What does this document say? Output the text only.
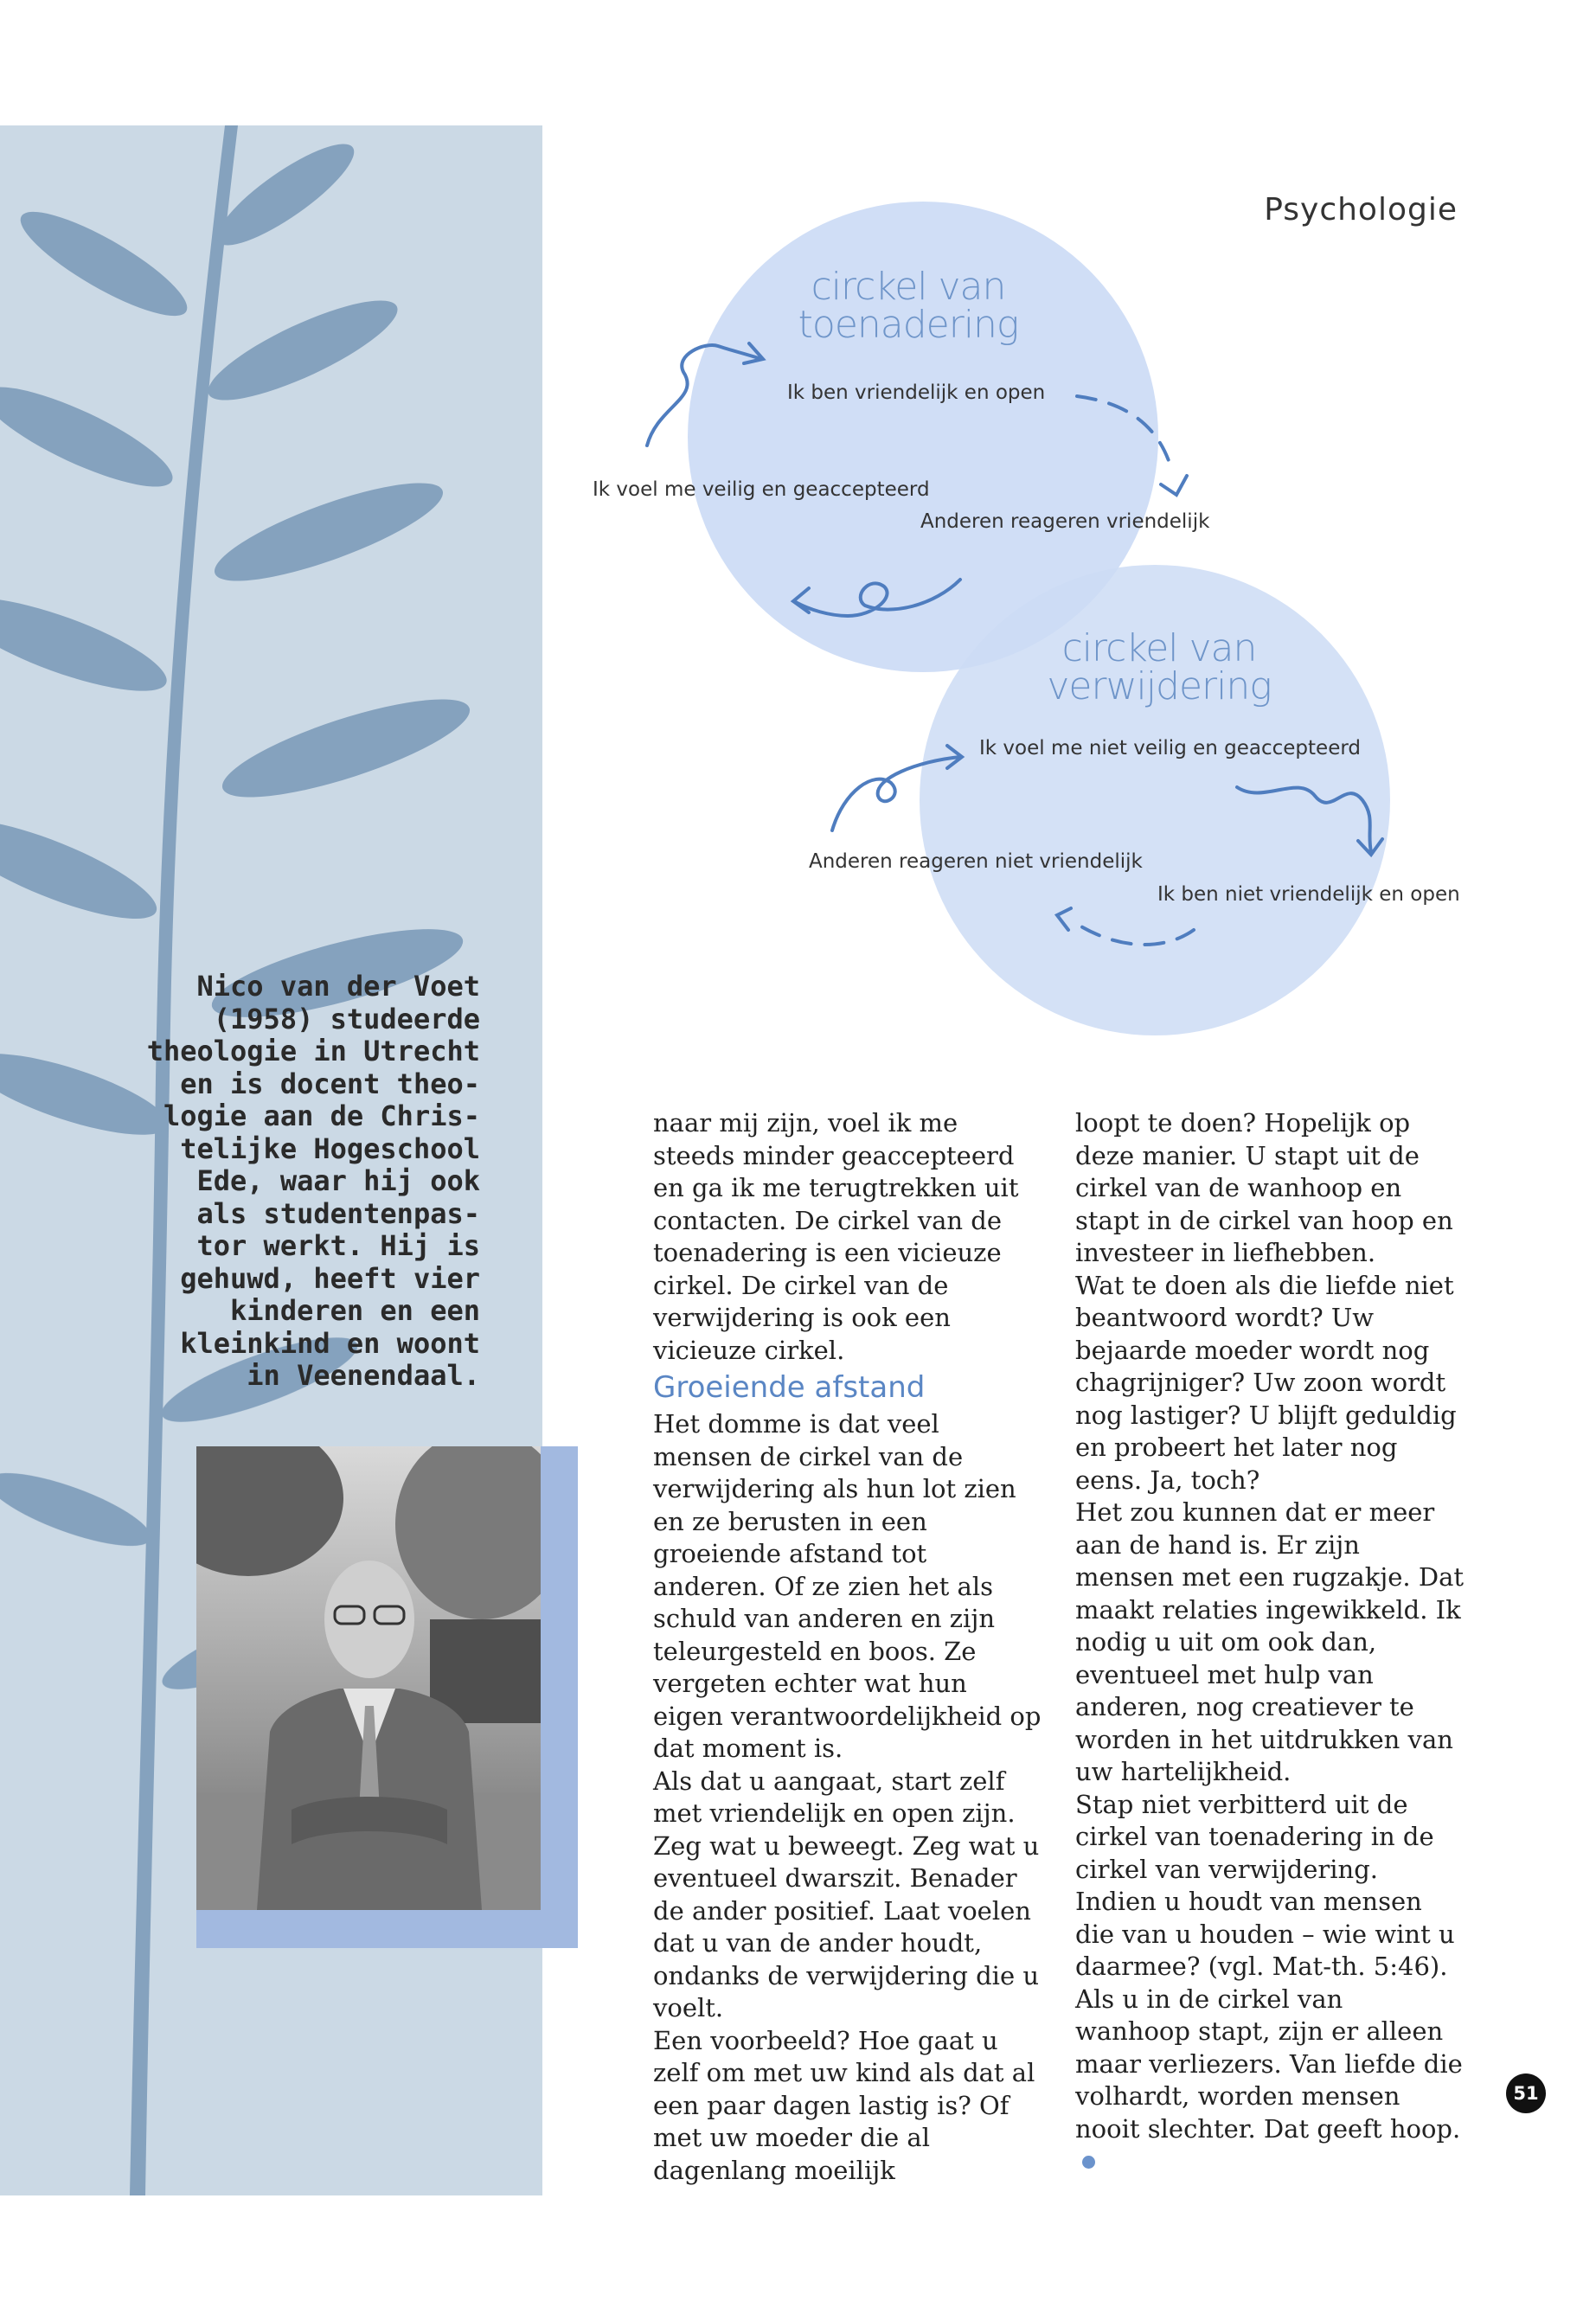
Psychologie
circkel van
toenadering
Ik ben vriendelijk en open
Anderen reageren vriendelijk
Ik voel me veilig en geaccepteerd
circkel van
verwijdering
Ik voel me niet veilig en geaccepteerd
Ik ben niet vriendelijk en open
Anderen reageren niet vriendelijk
Nico van der Voet
(1958) studeerde
theologie in Utrecht
en is docent theo-
logie aan de Chris-
telijke Hogeschool
Ede, waar hij ook
als studentenpas-
tor werkt. Hij is
gehuwd, heeft vier
kinderen en een
kleinkind en woont
in Veenendaal.

naar mij zijn, voel ik me steeds minder geaccepteerd en ga ik me terugtrekken uit contacten. De cirkel van de toenadering is een vicieuze cirkel. De cirkel van de verwijdering is ook een vicieuze cirkel.

Groeiende afstand

Het domme is dat veel mensen de cirkel van de verwijdering als hun lot zien en ze berusten in een groeiende afstand tot anderen. Of ze zien het als schuld van anderen en zijn teleurgesteld en boos. Ze vergeten echter wat hun eigen verantwoordelijkheid op dat moment is.

Als dat u aangaat, start zelf met vriendelijk en open zijn. Zeg wat u beweegt. Zeg wat u eventueel dwarszit. Benader de ander positief. Laat voelen dat u van de ander houdt, ondanks de verwijdering die u voelt.

Een voorbeeld? Hoe gaat u zelf om met uw kind als dat al een paar dagen lastig is? Of met uw moeder die al dagenlang moeilijk

loopt te doen? Hopelijk op deze manier. U stapt uit de cirkel van de wanhoop en stapt in de cirkel van hoop en investeer in liefhebben.

Wat te doen als die liefde niet beantwoord wordt? Uw bejaarde moeder wordt nog chagrijniger? Uw zoon wordt nog lastiger? U blijft geduldig en probeert het later nog eens. Ja, toch?

Het zou kunnen dat er meer aan de hand is. Er zijn mensen met een rugzakje. Dat maakt relaties ingewikkeld. Ik nodig u uit om ook dan, eventueel met hulp van anderen, nog creatiever te worden in het uitdrukken van uw hartelijkheid.

Stap niet verbitterd uit de cirkel van toenadering in de cirkel van verwijdering. Indien u houdt van mensen die van u houden – wie wint u daarmee? (vgl. Mat-th. 5:46). Als u in de cirkel van wanhoop stapt, zijn er alleen maar verliezers. Van liefde die volhardt, worden mensen nooit slechter. Dat geeft hoop.

51
